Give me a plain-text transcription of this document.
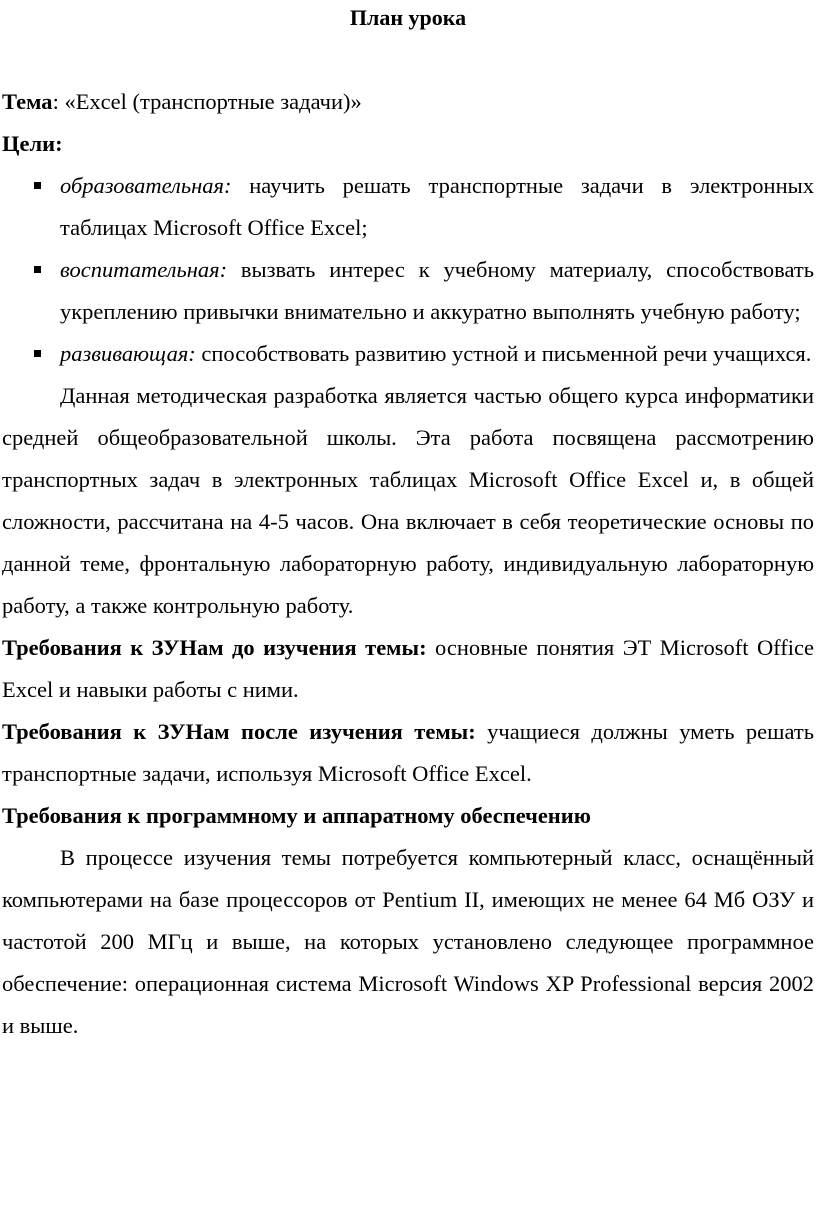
План урока
Тема: «Excel (транспортные задачи)»
Цели:
образовательная: научить решать транспортные задачи в электронных таблицах Microsoft Office Excel;
воспитательная: вызвать интерес к учебному материалу, способствовать укреплению привычки внимательно и аккуратно выполнять учебную работу;
развивающая: способствовать развитию устной и письменной речи учащихся.

Данная методическая разработка является частью общего курса информатики средней общеобразовательной школы. Эта работа посвящена рассмотрению транспортных задач в электронных таблицах Microsoft Office Excel и, в общей сложности, рассчитана на 4-5 часов. Она включает в себя теоретические основы по данной теме, фронтальную лабораторную работу, индивидуальную лабораторную работу, а также контрольную работу.

Требования к ЗУНам до изучения темы: основные понятия ЭТ Microsoft Office Excel и навыки работы с ними.

Требования к ЗУНам после изучения темы: учащиеся должны уметь решать транспортные задачи, используя Microsoft Office Excel.

Требования к программному и аппаратному обеспечению

В процессе изучения темы потребуется компьютерный класс, оснащённый компьютерами на базе процессоров от Pentium II, имеющих не менее 64 Мб ОЗУ и частотой 200 МГц и выше, на которых установлено следующее программное обеспечение: операционная система Microsoft Windows XP Professional версия 2002 и выше.
